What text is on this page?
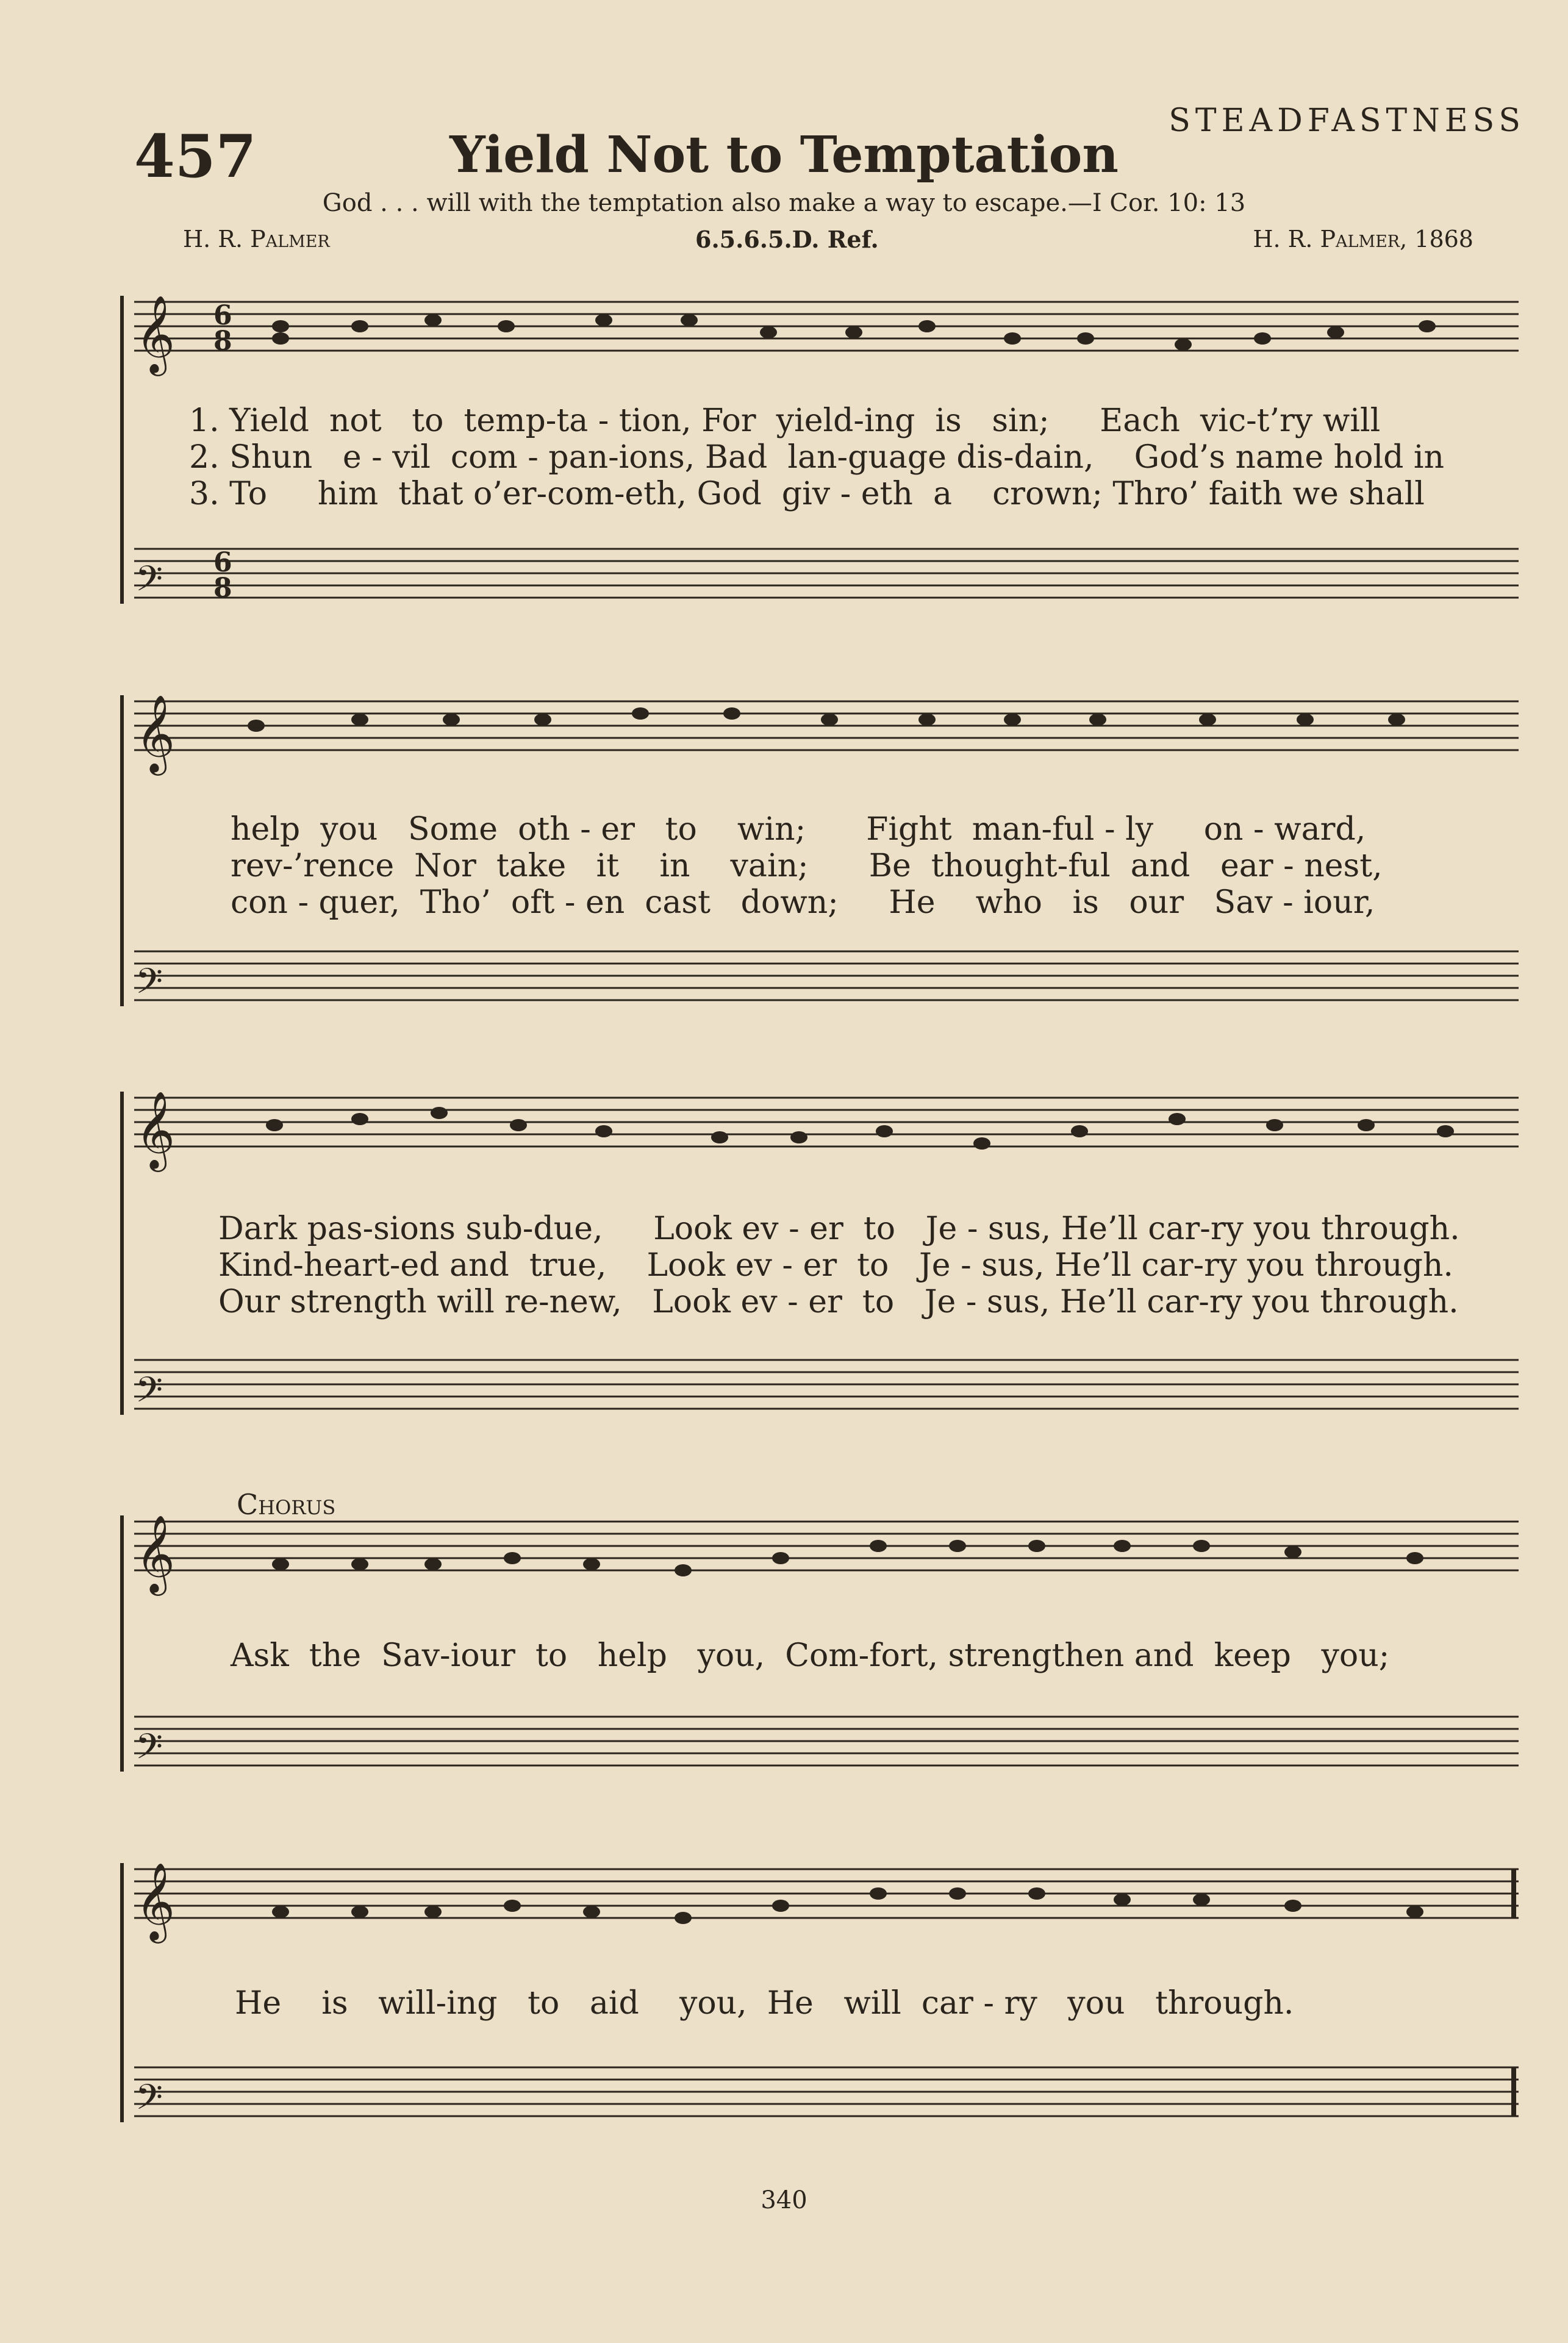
457
STEADFASTNESS
Yield Not to Temptation
God . . . will with the temptation also make a way to escape.—I Cor. 10: 13
H. R. Palmer	6.5.6.5.D. Ref.	H. R. Palmer, 1868
𝄞
𝄢
𝄞
𝄢
𝄞
𝄢
𝄞
𝄢
𝄞
𝄢
6
8
6
8
1. Yield  not   to  temp-ta - tion, For  yield-ing  is   sin;     Each  vic-t’ry will
2. Shun   e - vil  com - pan-ions, Bad  lan-guage dis-dain,    God’s name hold in
3. To     him  that o’er-com-eth, God  giv - eth  a    crown; Thro’ faith we shall
help  you   Some  oth - er   to    win;      Fight  man-ful - ly     on - ward,
rev-’rence  Nor  take   it    in    vain;      Be  thought-ful  and   ear - nest,
con - quer,  Tho’  oft - en  cast   down;     He    who   is   our   Sav - iour,
Dark pas-sions sub-due,     Look ev - er  to   Je - sus, He’ll car-ry you through.
Kind-heart-ed and  true,    Look ev - er  to   Je - sus, He’ll car-ry you through.
Our strength will re-new,   Look ev - er  to   Je - sus, He’ll car-ry you through.
Chorus
Ask  the  Sav-iour  to   help   you,  Com-fort, strengthen and  keep   you;
He    is   will-ing   to   aid    you,  He   will  car - ry   you   through.
340
